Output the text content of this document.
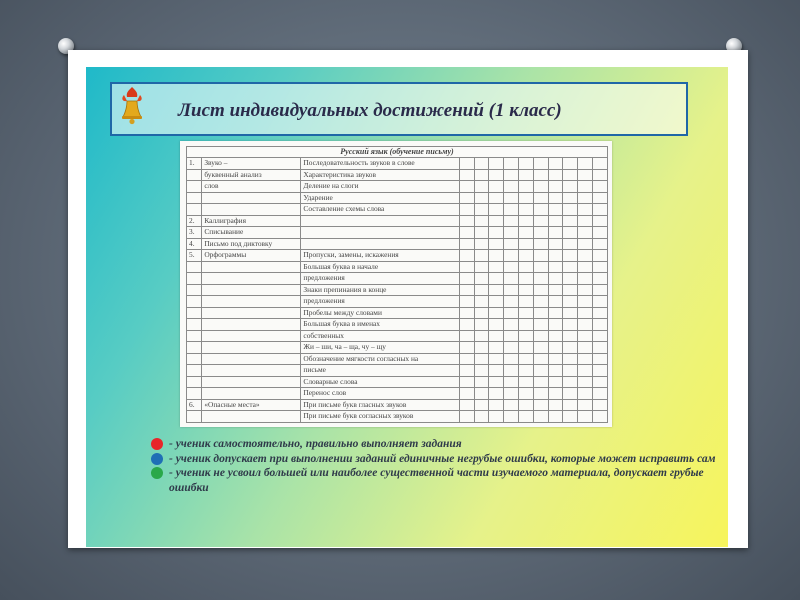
Лист индивидуальных достижений (1 класс)
Русский язык (обучение письму)												
1.	Звуко –	Последовательность звуков в слове										
	буквенный анализ	Характеристика звуков										
	слов	Деление на слоги										
		Ударение										
		Составление схемы слова										
2.	Каллиграфия											
3.	Списывание											
4.	Письмо под диктовку											
5.	Орфограммы	Пропуски, замены, искажения										
		Большая буква в начале										
		предложения										
		Знаки препинания в конце										
		предложения										
		Пробелы между словами										
		Большая буква в именах										
		собственных										
		Жи – ши, ча – ща, чу – щу										
		Обозначение мягкости согласных на										
		письме										
		Словарные слова										
		Перенос слов										
6.	«Опасные места»	При письме букв гласных звуков										
		При письме букв согласных звуков										
- ученик самостоятельно, правильно выполняет задания
- ученик допускает при выполнении заданий единичные негрубые ошибки, которые может исправить сам
- ученик не усвоил большей или наиболее существенной части изучаемого материала, допускает грубые ошибки
